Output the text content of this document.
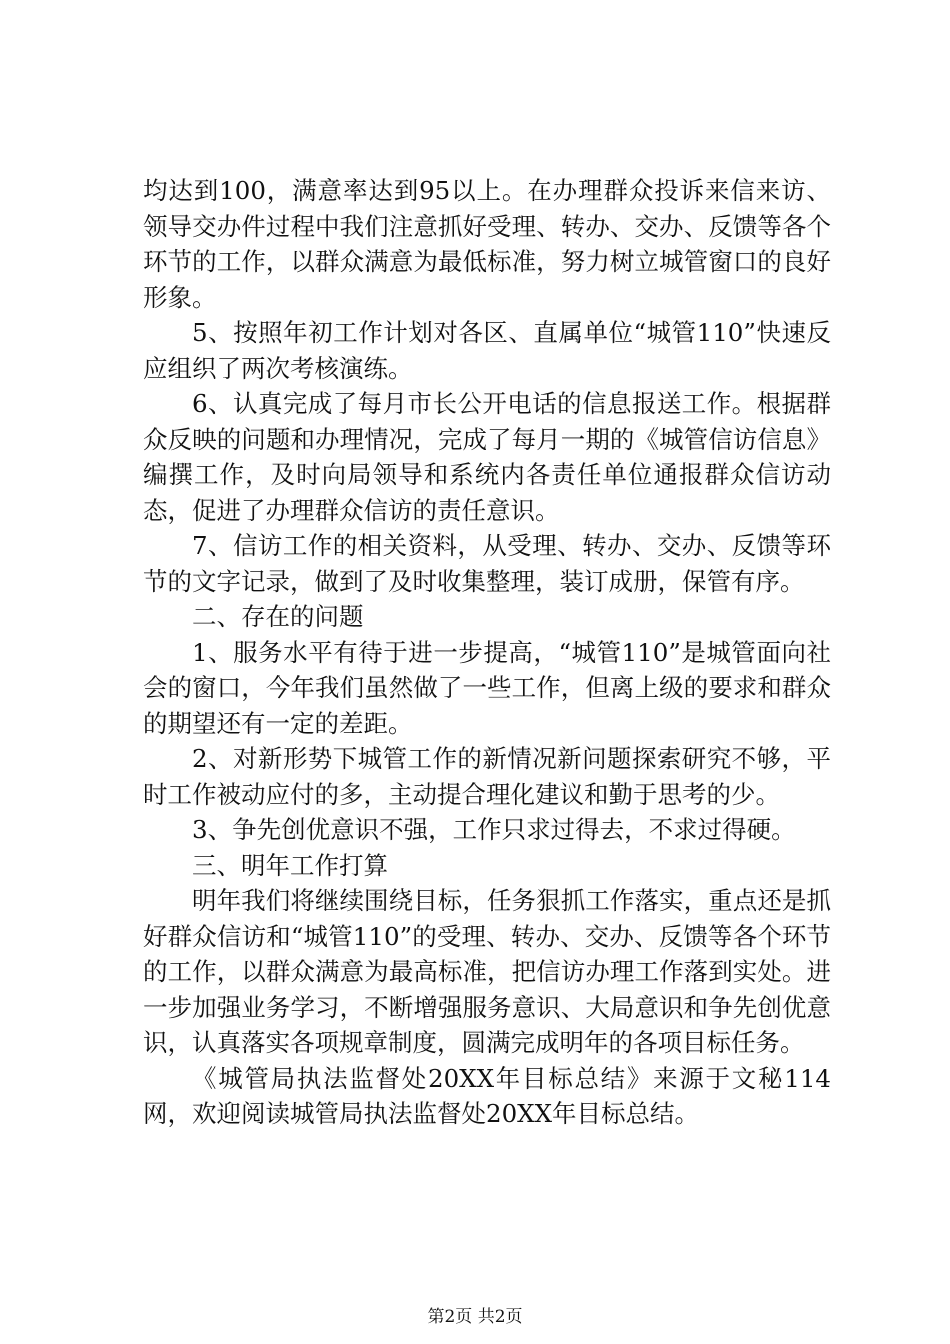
均达到100，满意率达到95以上。在办理群众投诉来信来访、领导交办件过程中我们注意抓好受理、转办、交办、反馈等各个环节的工作，以群众满意为最低标准，努力树立城管窗口的良好形象。

5、按照年初工作计划对各区、直属单位“城管110”快速反应组织了两次考核演练。

6、认真完成了每月市长公开电话的信息报送工作。根据群众反映的问题和办理情况，完成了每月一期的《城管信访信息》编撰工作，及时向局领导和系统内各责任单位通报群众信访动态，促进了办理群众信访的责任意识。

7、信访工作的相关资料，从受理、转办、交办、反馈等环节的文字记录，做到了及时收集整理，装订成册，保管有序。

二、存在的问题

1、服务水平有待于进一步提高，“城管110”是城管面向社会的窗口，今年我们虽然做了一些工作，但离上级的要求和群众的期望还有一定的差距。

2、对新形势下城管工作的新情况新问题探索研究不够，平时工作被动应付的多，主动提合理化建议和勤于思考的少。

3、争先创优意识不强，工作只求过得去，不求过得硬。

三、明年工作打算

明年我们将继续围绕目标，任务狠抓工作落实，重点还是抓好群众信访和“城管110”的受理、转办、交办、反馈等各个环节的工作，以群众满意为最高标准，把信访办理工作落到实处。进一步加强业务学习，不断增强服务意识、大局意识和争先创优意识，认真落实各项规章制度，圆满完成明年的各项目标任务。

《城管局执法监督处20XX年目标总结》来源于文秘114网，欢迎阅读城管局执法监督处20XX年目标总结。

第2页 共2页
